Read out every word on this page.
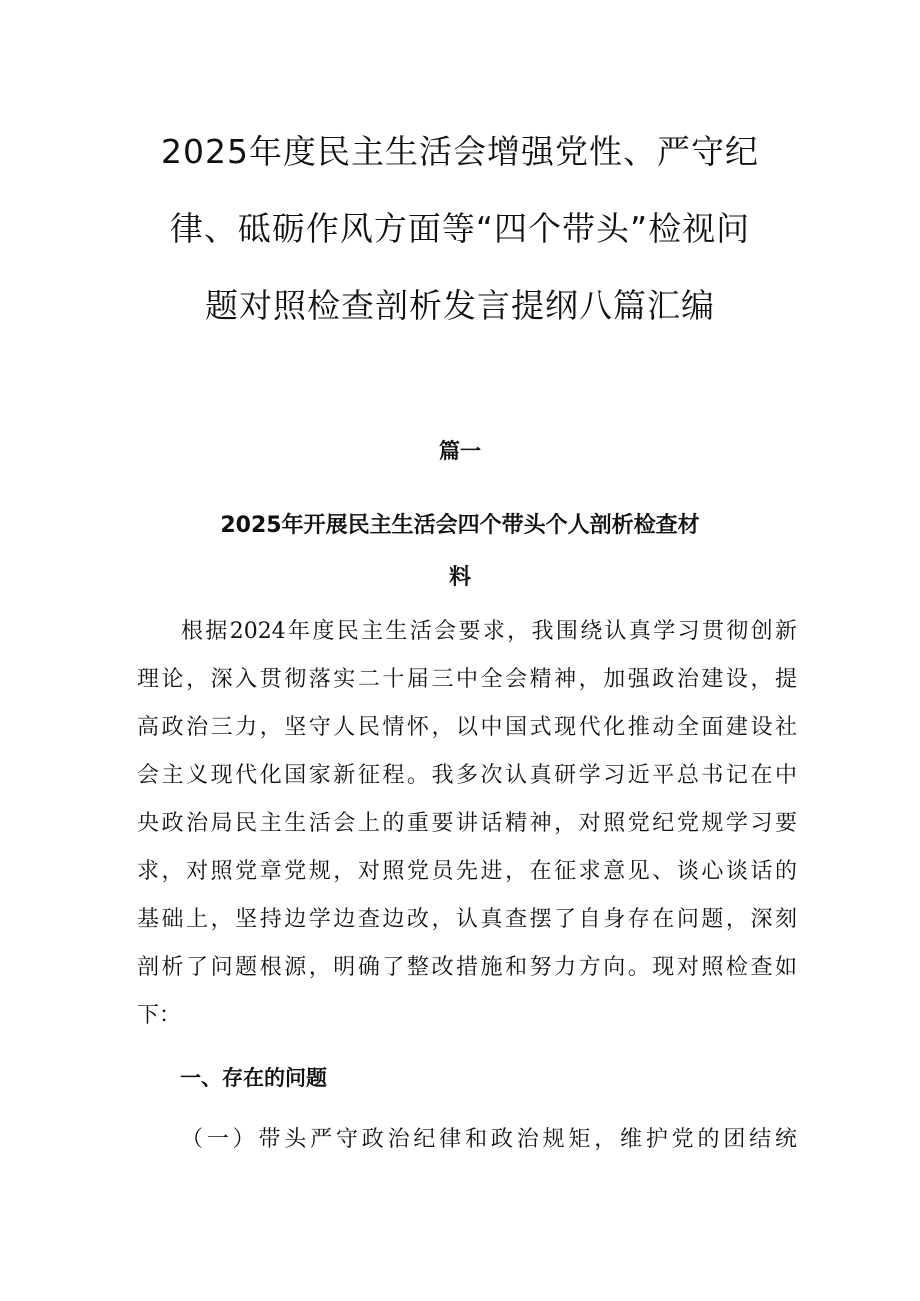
2025年度民主生活会增强党性、严守纪
律、砥砺作风方面等“四个带头”检视问
题对照检查剖析发言提纲八篇汇编
篇一
2025年开展民主生活会四个带头个人剖析检查材
料
根据2024年度民主生活会要求，我围绕认真学习贯彻创新
理论，深入贯彻落实二十届三中全会精神，加强政治建设，提
高政治三力，坚守人民情怀，以中国式现代化推动全面建设社
会主义现代化国家新征程。我多次认真研学习近平总书记在中
央政治局民主生活会上的重要讲话精神，对照党纪党规学习要
求，对照党章党规，对照党员先进，在征求意见、谈心谈话的
基础上，坚持边学边查边改，认真查摆了自身存在问题，深刻
剖析了问题根源，明确了整改措施和努力方向。现对照检查如
下：
一、存在的问题
（一）带头严守政治纪律和政治规矩，维护党的团结统
